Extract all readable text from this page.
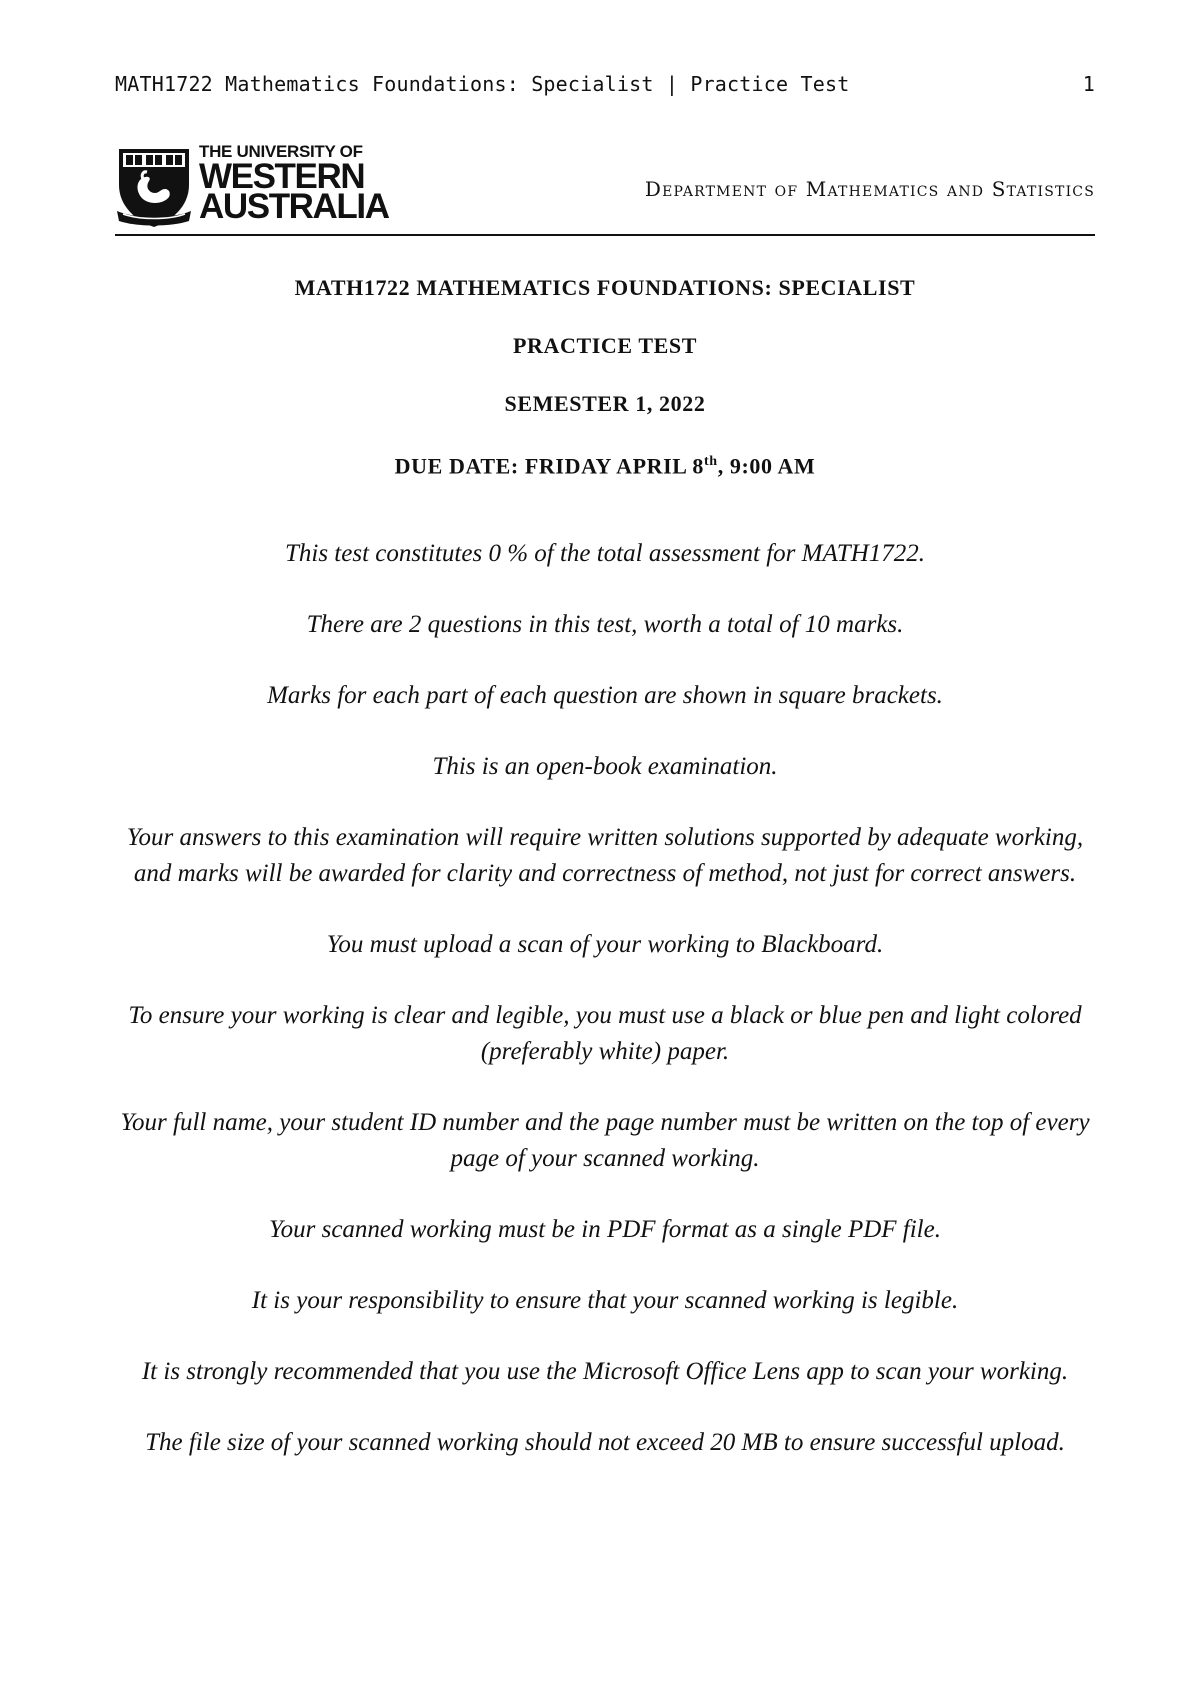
MATH1722 Mathematics Foundations: Specialist | Practice Test	1
THE UNIVERSITY OF
WESTERN
AUSTRALIA	Department of Mathematics and Statistics
MATH1722 MATHEMATICS FOUNDATIONS: SPECIALIST
PRACTICE TEST
SEMESTER 1, 2022
DUE DATE: FRIDAY APRIL 8th, 9:00 AM

This test constitutes 0 % of the total assessment for MATH1722.

There are 2 questions in this test, worth a total of 10 marks.

Marks for each part of each question are shown in square brackets.

This is an open-book examination.

Your answers to this examination will require written solutions supported by adequate working, and marks will be awarded for clarity and correctness of method, not just for correct answers.

You must upload a scan of your working to Blackboard.

To ensure your working is clear and legible, you must use a black or blue pen and light colored (preferably white) paper.

Your full name, your student ID number and the page number must be written on the top of every page of your scanned working.

Your scanned working must be in PDF format as a single PDF file.

It is your responsibility to ensure that your scanned working is legible.

It is strongly recommended that you use the Microsoft Office Lens app to scan your working.

The file size of your scanned working should not exceed 20 MB to ensure successful upload.
